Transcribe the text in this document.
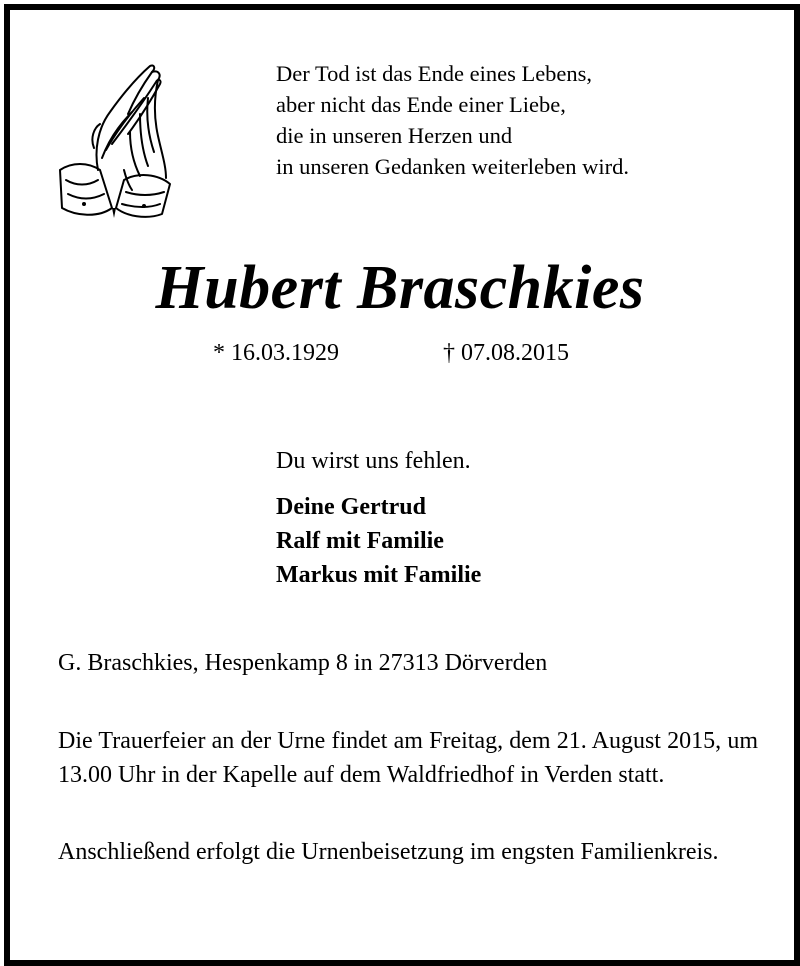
Der Tod ist das Ende eines Lebens,
aber nicht das Ende einer Liebe,
die in unseren Herzen und
in unseren Gedanken weiterleben wird.
Hubert Braschkies
* 16.03.1929	† 07.08.2015
Du wirst uns fehlen.
Deine Gertrud
Ralf mit Familie
Markus mit Familie
G. Braschkies, Hespenkamp 8 in 27313 Dörverden
Die Trauerfeier an der Urne findet am Freitag, dem 21. August 2015, um 13.00 Uhr in der Kapelle auf dem Waldfriedhof in Verden statt.
Anschließend erfolgt die Urnenbeisetzung im engsten Familienkreis.
